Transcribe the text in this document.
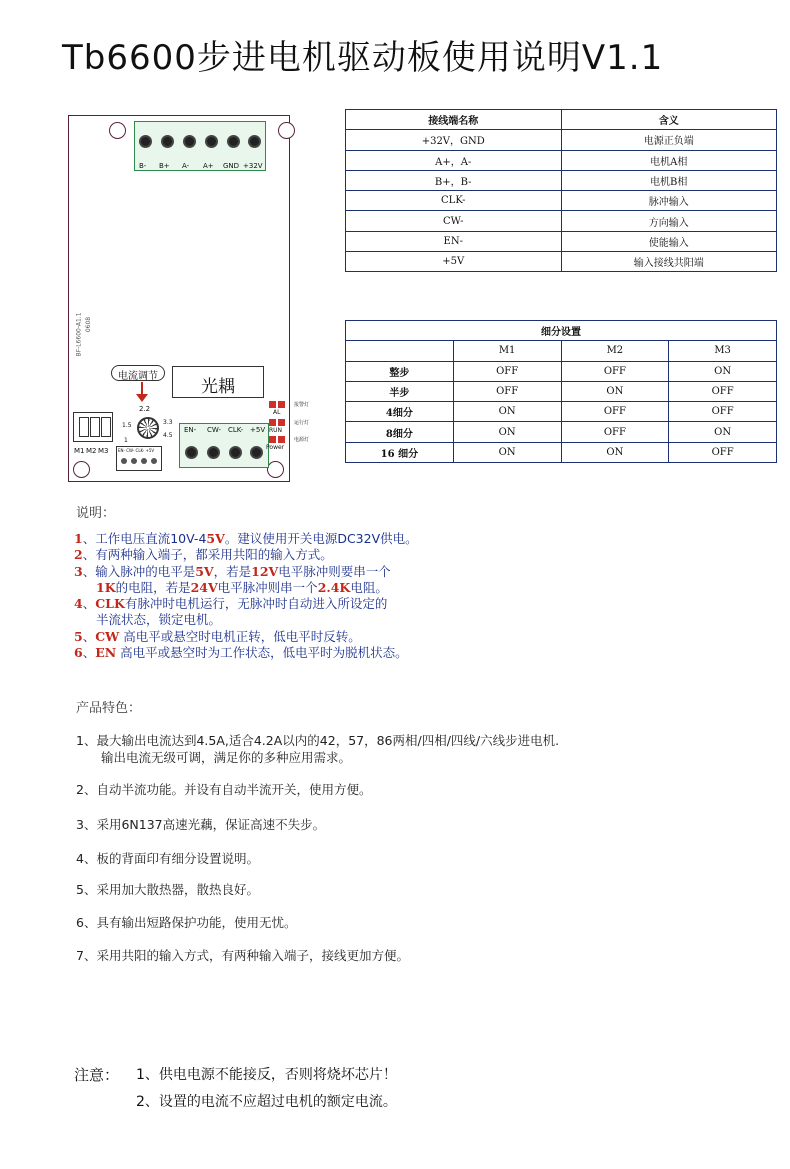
Tb6600步进电机驱动板使用说明V1.1
B- B+ A- A+ GND +32V
BF-L6600-A1.1 0608
光耦
电流调节
2.2
1.5	3.3
4.5
1
M1 M2 M3 EN- CW- CLK- +5V
EN- CW- CLK- +5V
AL
RUN
Power
报警灯
运行灯
电源灯
接线端名称	含义
+32V，GND	电源正负端
A+，A-	电机A相
B+，B-	电机B相
CLK-	脉冲输入
CW-	方向输入
EN-	使能输入
+5V	输入接线共阳端
细分设置			
	M1	M2	M3
整步	OFF	OFF	ON
半步	OFF	ON	OFF
4细分	ON	OFF	OFF
8细分	ON	OFF	ON
16 细分	ON	ON	OFF
说明：
1、工作电压直流10V-45V。建议使用开关电源DC32V供电。
2、有两种输入端子，都采用共阳的输入方式。
3、输入脉冲的电平是5V，若是12V电平脉冲则要串一个
1K的电阻，若是24V电平脉冲则串一个2.4K电阻。
4、CLK有脉冲时电机运行，无脉冲时自动进入所设定的
半流状态，锁定电机。
5、CW 高电平或悬空时电机正转，低电平时反转。
6、EN 高电平或悬空时为工作状态，低电平时为脱机状态。
产品特色：
1、最大输出电流达到4.5A,适合4.2A以内的42，57，86两相/四相/四线/六线步进电机.
输出电流无级可调，满足你的多种应用需求。
2、自动半流功能。并设有自动半流开关，使用方便。
3、采用6N137高速光藕，保证高速不失步。
4、板的背面印有细分设置说明。
5、采用加大散热器，散热良好。
6、具有输出短路保护功能，使用无忧。
7、采用共阳的输入方式，有两种输入端子，接线更加方便。
注意： 1、供电电源不能接反，否则将烧坏芯片！
2、设置的电流不应超过电机的额定电流。
